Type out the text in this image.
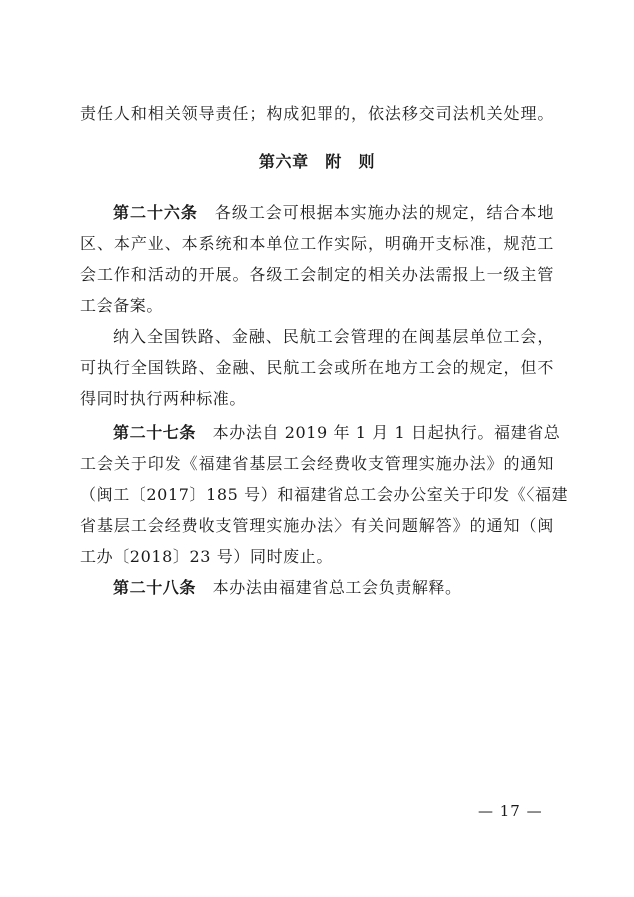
责任人和相关领导责任；构成犯罪的，依法移交司法机关处理。
第六章　附　则
第二十六条　各级工会可根据本实施办法的规定，结合本地
区、本产业、本系统和本单位工作实际，明确开支标准，规范工
会工作和活动的开展。各级工会制定的相关办法需报上一级主管
工会备案。
纳入全国铁路、金融、民航工会管理的在闽基层单位工会，
可执行全国铁路、金融、民航工会或所在地方工会的规定，但不
得同时执行两种标准。
第二十七条　本办法自 2019 年 1 月 1 日起执行。福建省总
工会关于印发《福建省基层工会经费收支管理实施办法》的通知
（闽工〔2017〕185 号）和福建省总工会办公室关于印发《〈福建
省基层工会经费收支管理实施办法〉有关问题解答》的通知（闽
工办〔2018〕23 号）同时废止。
第二十八条　本办法由福建省总工会负责解释。
— 17 —
